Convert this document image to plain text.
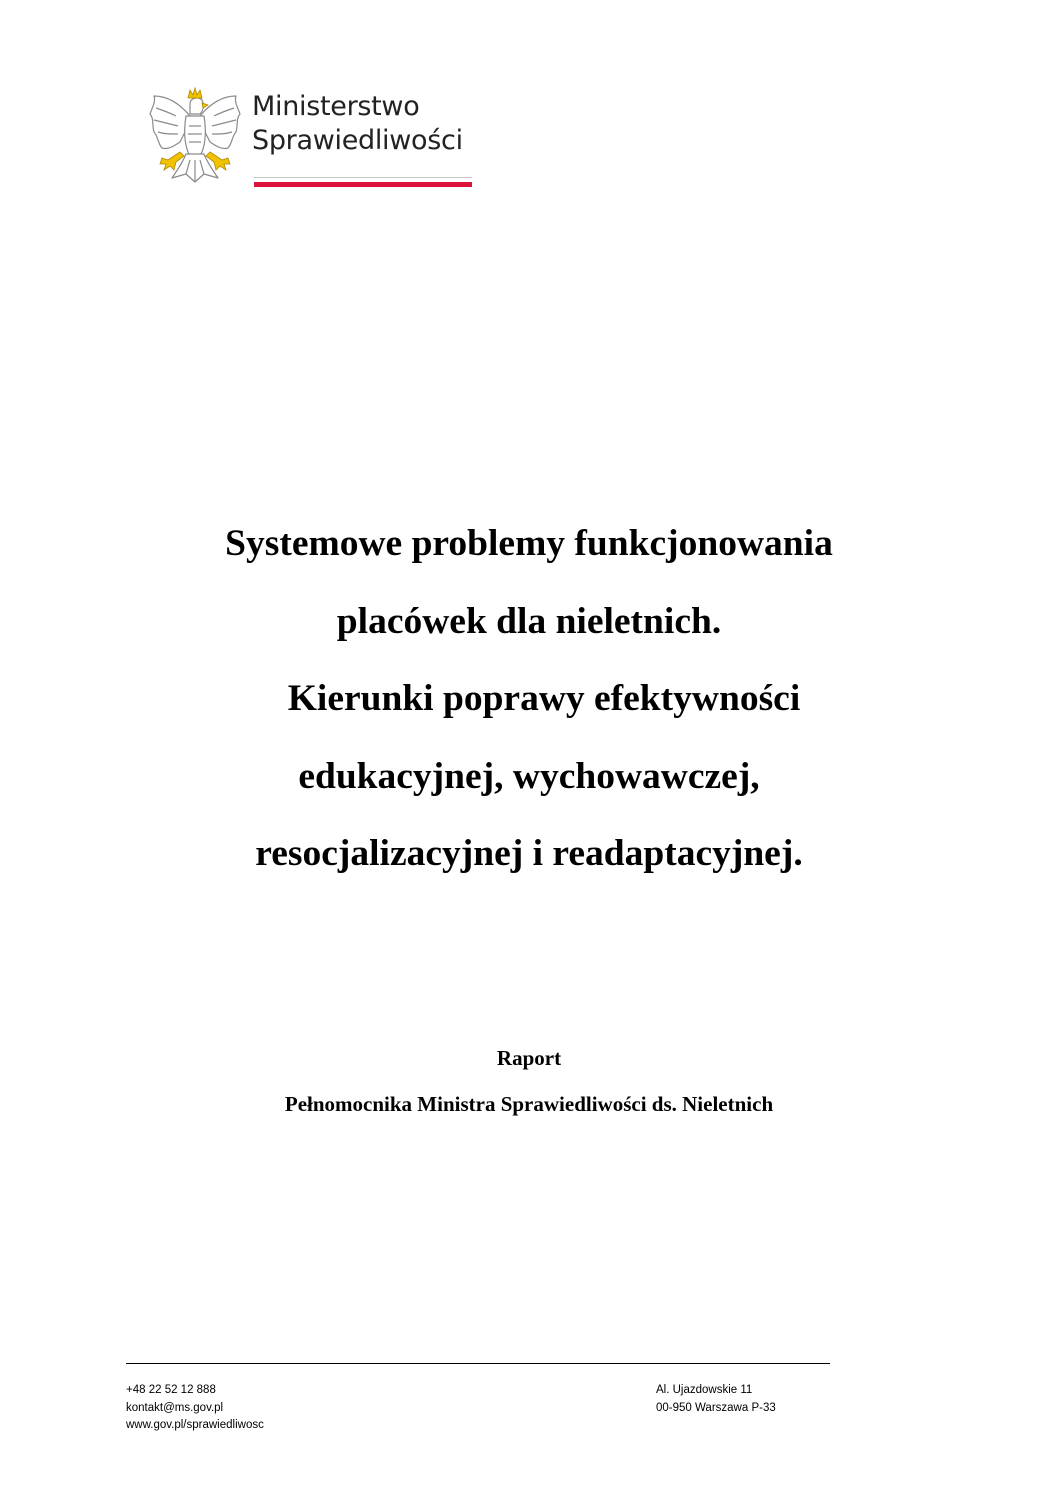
Ministerstwo
Sprawiedliwości
Systemowe problemy funkcjonowania
placówek dla nieletnich.
Kierunki poprawy efektywności
edukacyjnej, wychowawczej,
resocjalizacyjnej i readaptacyjnej.
Raport
Pełnomocnika Ministra Sprawiedliwości ds. Nieletnich
+48 22 52 12 888
kontakt@ms.gov.pl
www.gov.pl/sprawiedliwosc
Al. Ujazdowskie 11
00-950 Warszawa P-33
